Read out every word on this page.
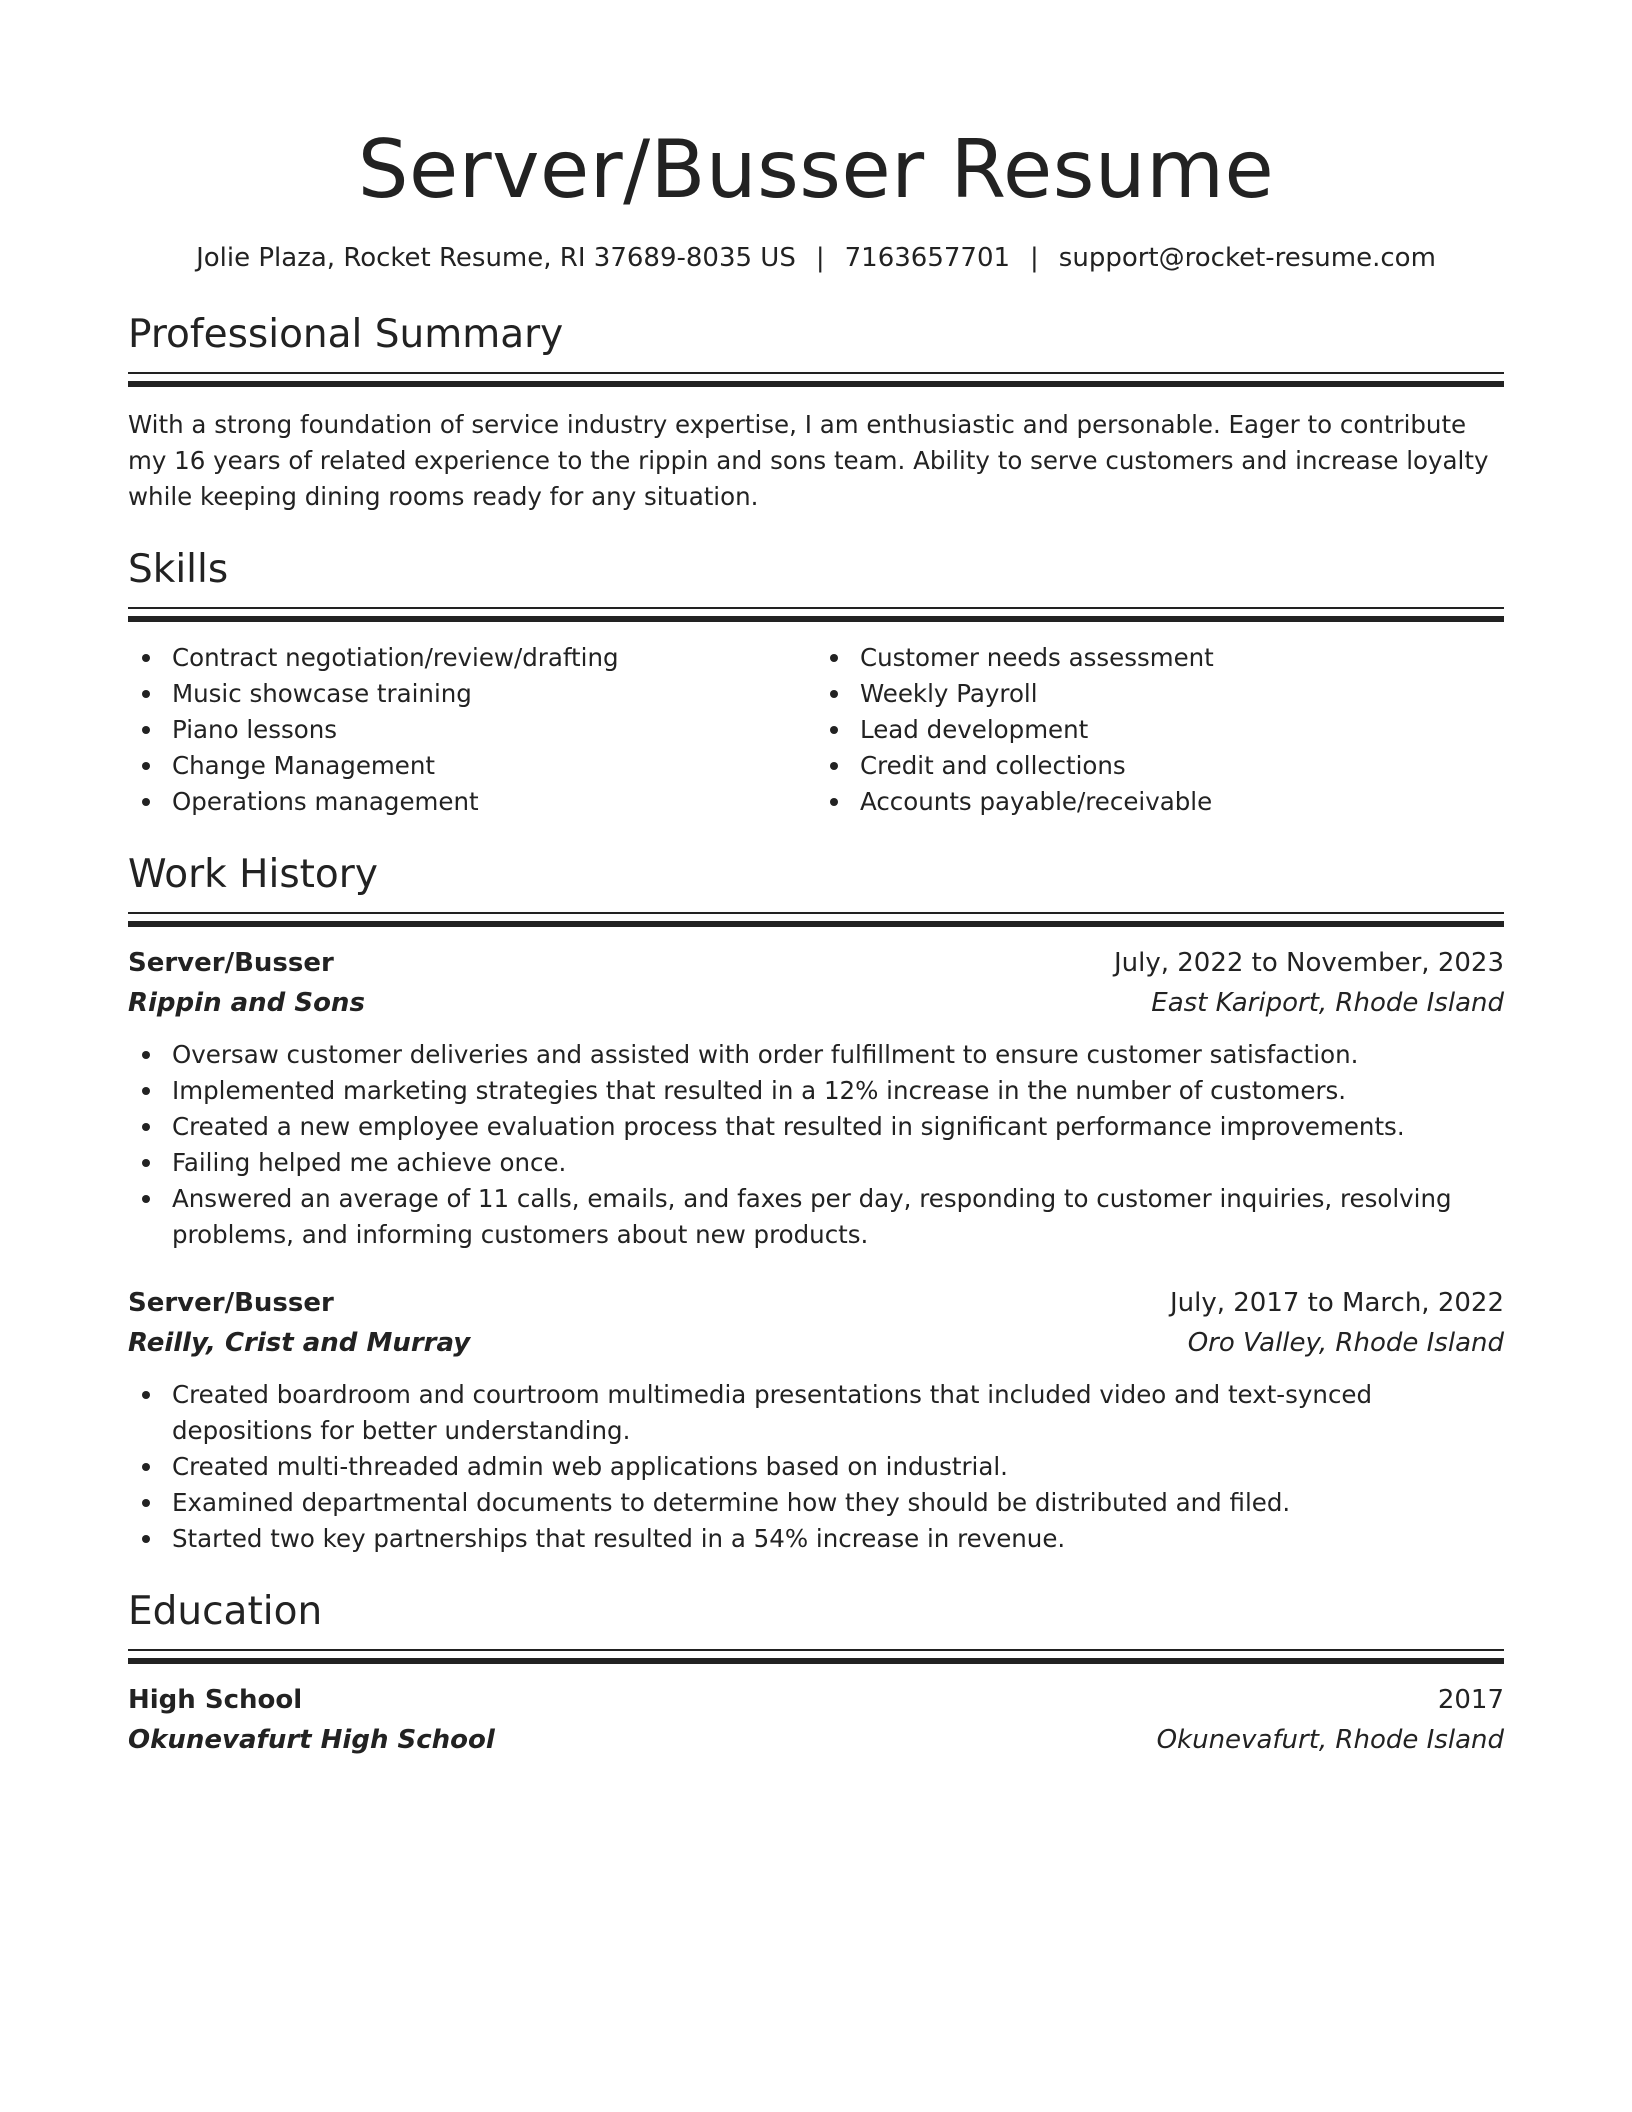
Server/Busser Resume
Jolie Plaza, Rocket Resume, RI 37689-8035 US | 7163657701 | support@rocket-resume.com
Professional Summary

With a strong foundation of service industry expertise, I am enthusiastic and personable. Eager to contribute my 16 years of related experience to the rippin and sons team. Ability to serve customers and increase loyalty while keeping dining rooms ready for any situation.

Skills
Contract negotiation/review/drafting
Music showcase training
Piano lessons
Change Management
Operations management
Customer needs assessment
Weekly Payroll
Lead development
Credit and collections
Accounts payable/receivable
Work History
Server/Busser	July, 2022 to November, 2023
Rippin and Sons	East Kariport, Rhode Island
Oversaw customer deliveries and assisted with order fulfillment to ensure customer satisfaction.
Implemented marketing strategies that resulted in a 12% increase in the number of customers.
Created a new employee evaluation process that resulted in significant performance improvements.
Failing helped me achieve once.
Answered an average of 11 calls, emails, and faxes per day, responding to customer inquiries, resolving problems, and informing customers about new products.
Server/Busser	July, 2017 to March, 2022
Reilly, Crist and Murray	Oro Valley, Rhode Island
Created boardroom and courtroom multimedia presentations that included video and text-synced depositions for better understanding.
Created multi-threaded admin web applications based on industrial.
Examined departmental documents to determine how they should be distributed and filed.
Started two key partnerships that resulted in a 54% increase in revenue.
Education
High School	2017
Okunevafurt High School	Okunevafurt, Rhode Island
